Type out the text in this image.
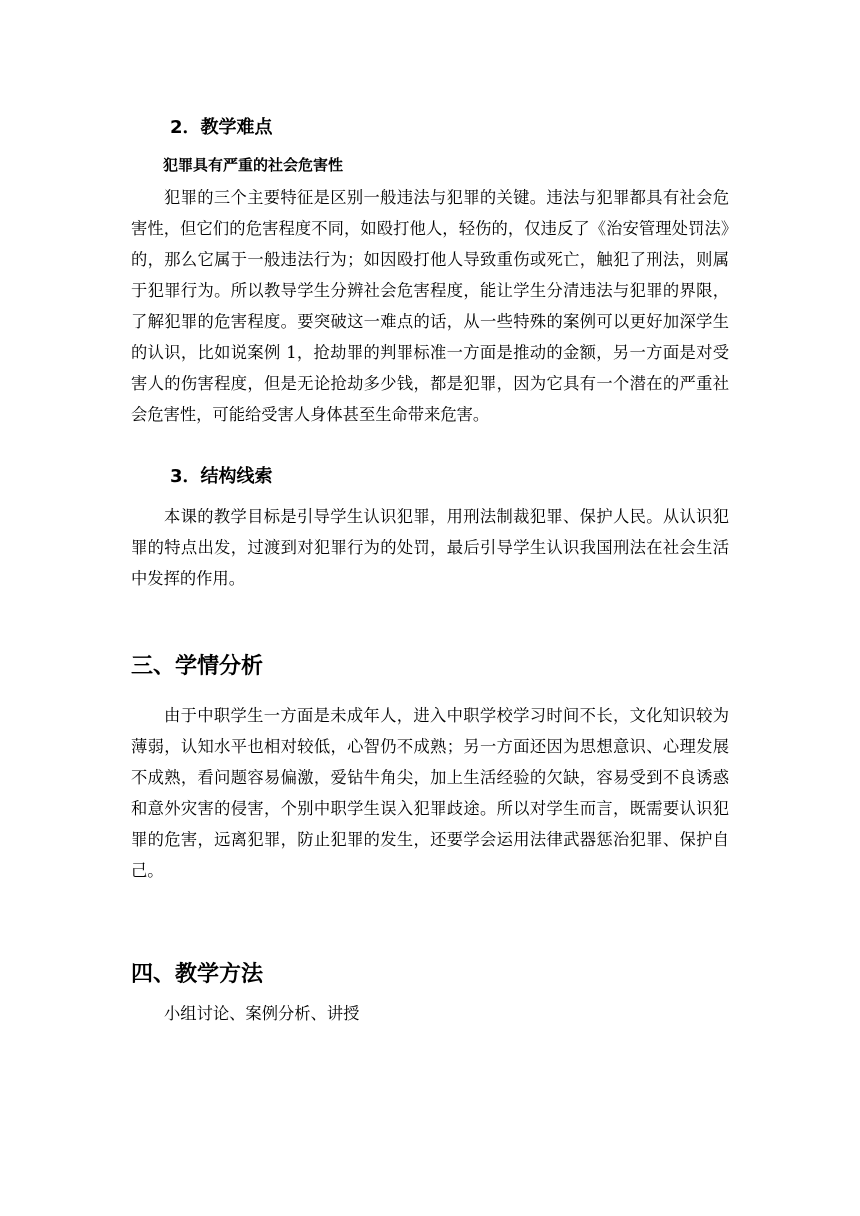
2．教学难点
犯罪具有严重的社会危害性

犯罪的三个主要特征是区别一般违法与犯罪的关键。违法与犯罪都具有社会危害性，但它们的危害程度不同，如殴打他人，轻伤的，仅违反了《治安管理处罚法》的，那么它属于一般违法行为；如因殴打他人导致重伤或死亡，触犯了刑法，则属于犯罪行为。所以教导学生分辨社会危害程度，能让学生分清违法与犯罪的界限，了解犯罪的危害程度。要突破这一难点的话，从一些特殊的案例可以更好加深学生的认识，比如说案例 1，抢劫罪的判罪标准一方面是推动的金额，另一方面是对受害人的伤害程度，但是无论抢劫多少钱，都是犯罪，因为它具有一个潜在的严重社会危害性，可能给受害人身体甚至生命带来危害。

3．结构线索

本课的教学目标是引导学生认识犯罪，用刑法制裁犯罪、保护人民。从认识犯罪的特点出发，过渡到对犯罪行为的处罚，最后引导学生认识我国刑法在社会生活中发挥的作用。

三、学情分析

由于中职学生一方面是未成年人，进入中职学校学习时间不长，文化知识较为薄弱，认知水平也相对较低，心智仍不成熟；另一方面还因为思想意识、心理发展不成熟，看问题容易偏激，爱钻牛角尖，加上生活经验的欠缺，容易受到不良诱惑和意外灾害的侵害，个别中职学生误入犯罪歧途。所以对学生而言，既需要认识犯罪的危害，远离犯罪，防止犯罪的发生，还要学会运用法律武器惩治犯罪、保护自己。

四、教学方法
小组讨论、案例分析、讲授
